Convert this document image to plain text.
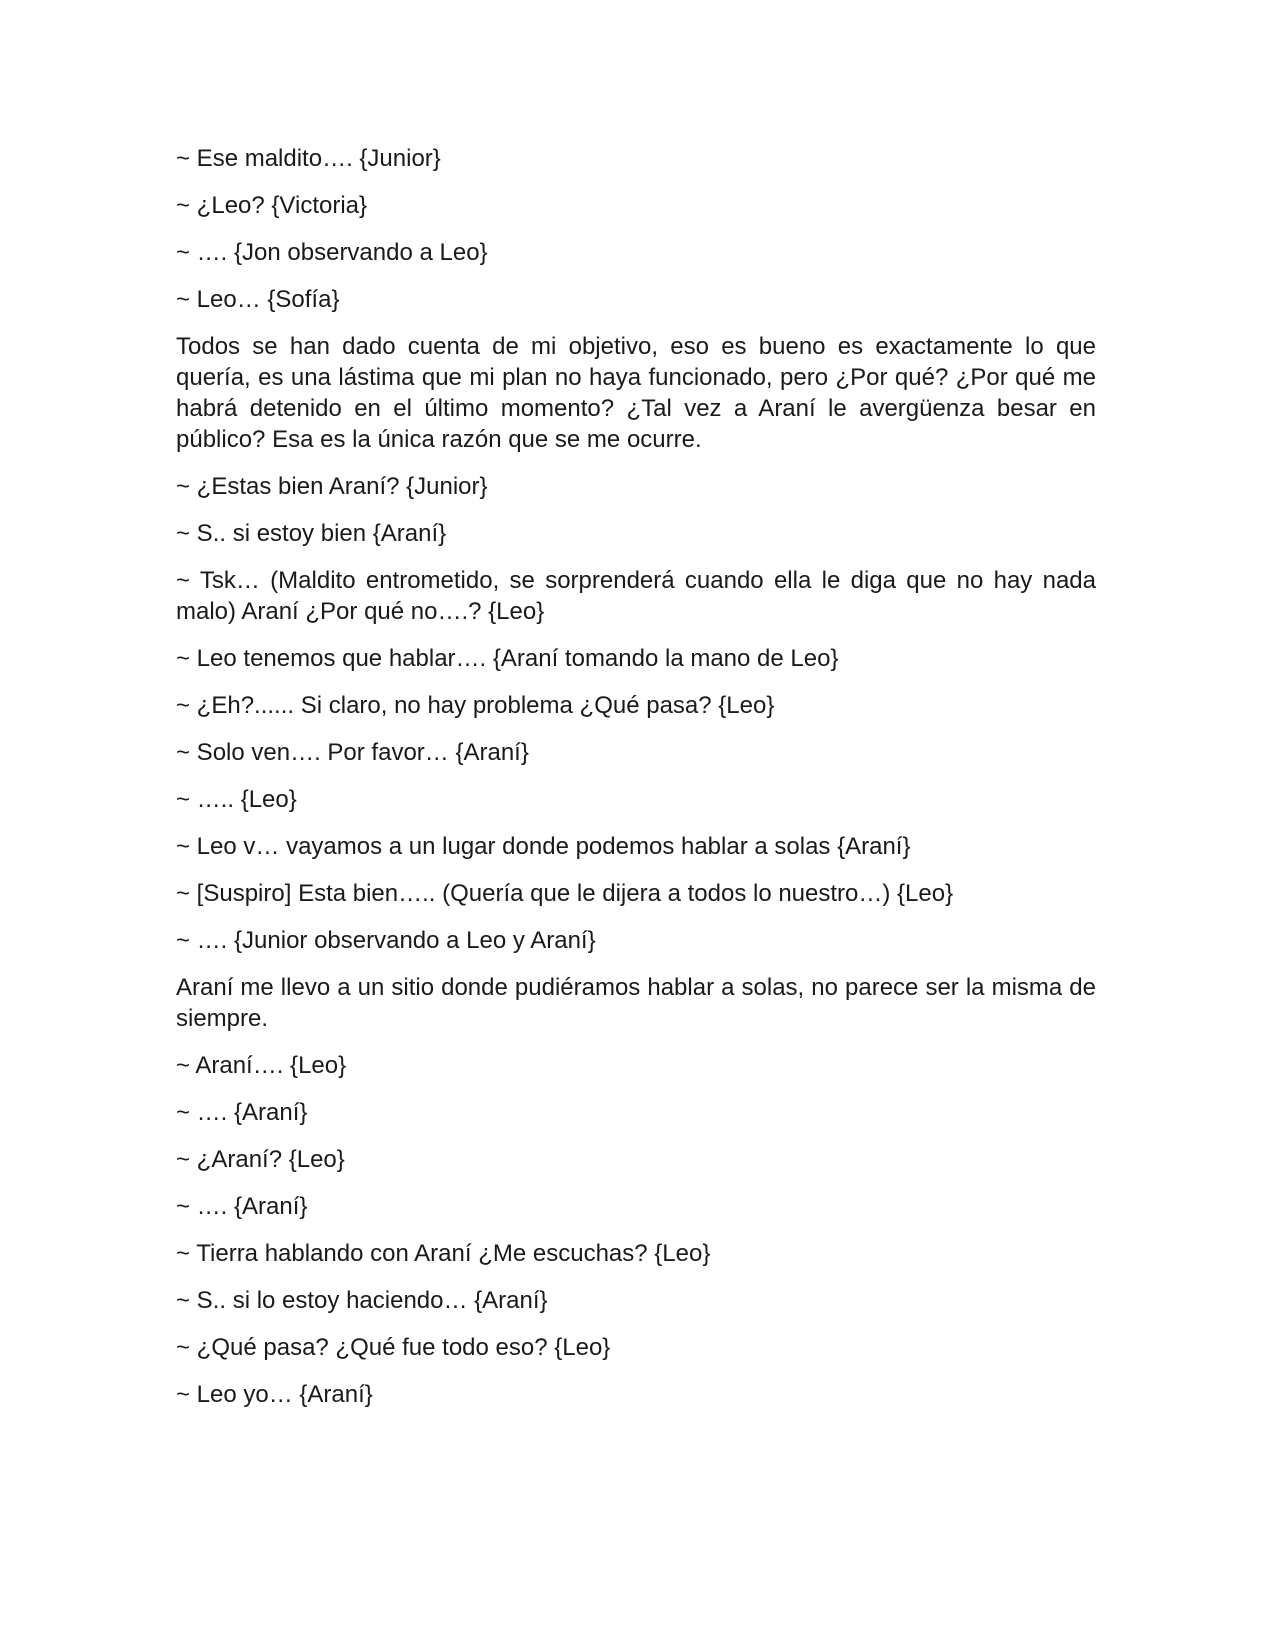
~ Ese maldito…. {Junior}

~ ¿Leo? {Victoria}

~ …. {Jon observando a Leo}

~ Leo… {Sofía}

Todos se han dado cuenta de mi objetivo, eso es bueno es exactamente lo que quería, es una lástima que mi plan no haya funcionado, pero ¿Por qué? ¿Por qué me habrá detenido en el último momento? ¿Tal vez a Araní le avergüenza besar en público? Esa es la única razón que se me ocurre.

~ ¿Estas bien Araní? {Junior}

~ S.. si estoy bien {Araní}

~ Tsk… (Maldito entrometido, se sorprenderá cuando ella le diga que no hay nada malo) Araní ¿Por qué no….? {Leo}

~ Leo tenemos que hablar…. {Araní tomando la mano de Leo}

~ ¿Eh?...... Si claro, no hay problema ¿Qué pasa? {Leo}

~ Solo ven…. Por favor… {Araní}

~ ….. {Leo}

~ Leo v… vayamos a un lugar donde podemos hablar a solas {Araní}

~ [Suspiro] Esta bien….. (Quería que le dijera a todos lo nuestro…) {Leo}

~ …. {Junior observando a Leo y Araní}

Araní me llevo a un sitio donde pudiéramos hablar a solas, no parece ser la misma de siempre.

~ Araní…. {Leo}

~ …. {Araní}

~ ¿Araní? {Leo}

~ …. {Araní}

~ Tierra hablando con Araní ¿Me escuchas? {Leo}

~ S.. si lo estoy haciendo… {Araní}

~ ¿Qué pasa? ¿Qué fue todo eso? {Leo}

~ Leo yo… {Araní}
